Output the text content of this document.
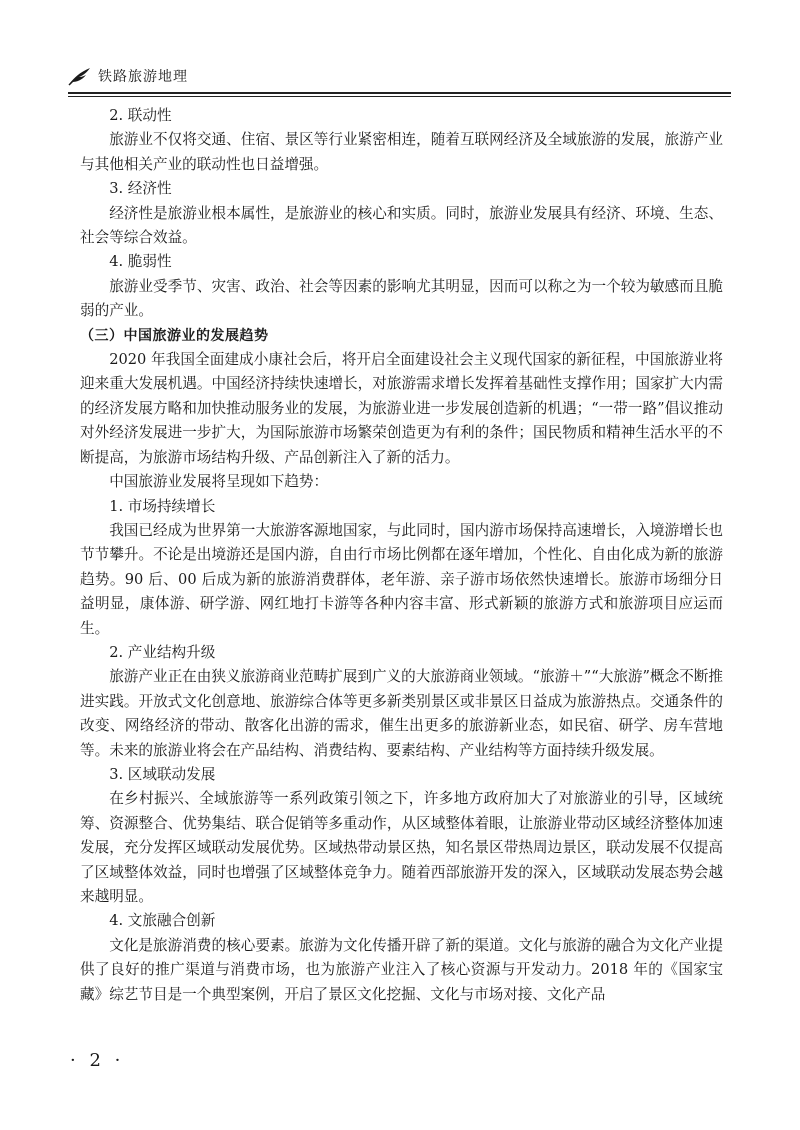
铁路旅游地理

2. 联动性

旅游业不仅将交通、住宿、景区等行业紧密相连，随着互联网经济及全域旅游的发展，旅游产业与其他相关产业的联动性也日益增强。

3. 经济性

经济性是旅游业根本属性，是旅游业的核心和实质。同时，旅游业发展具有经济、环境、生态、社会等综合效益。

4. 脆弱性

旅游业受季节、灾害、政治、社会等因素的影响尤其明显，因而可以称之为一个较为敏感而且脆弱的产业。

（三）中国旅游业的发展趋势

2020 年我国全面建成小康社会后，将开启全面建设社会主义现代国家的新征程，中国旅游业将迎来重大发展机遇。中国经济持续快速增长，对旅游需求增长发挥着基础性支撑作用；国家扩大内需的经济发展方略和加快推动服务业的发展，为旅游业进一步发展创造新的机遇；“一带一路”倡议推动对外经济发展进一步扩大，为国际旅游市场繁荣创造更为有利的条件；国民物质和精神生活水平的不断提高，为旅游市场结构升级、产品创新注入了新的活力。

中国旅游业发展将呈现如下趋势：

1. 市场持续增长

我国已经成为世界第一大旅游客源地国家，与此同时，国内游市场保持高速增长，入境游增长也节节攀升。不论是出境游还是国内游，自由行市场比例都在逐年增加，个性化、自由化成为新的旅游趋势。90 后、00 后成为新的旅游消费群体，老年游、亲子游市场依然快速增长。旅游市场细分日益明显，康体游、研学游、网红地打卡游等各种内容丰富、形式新颖的旅游方式和旅游项目应运而生。

2. 产业结构升级

旅游产业正在由狭义旅游商业范畴扩展到广义的大旅游商业领域。“旅游＋”“大旅游”概念不断推进实践。开放式文化创意地、旅游综合体等更多新类别景区或非景区日益成为旅游热点。交通条件的改变、网络经济的带动、散客化出游的需求，催生出更多的旅游新业态，如民宿、研学、房车营地等。未来的旅游业将会在产品结构、消费结构、要素结构、产业结构等方面持续升级发展。

3. 区域联动发展

在乡村振兴、全域旅游等一系列政策引领之下，许多地方政府加大了对旅游业的引导，区域统筹、资源整合、优势集结、联合促销等多重动作，从区域整体着眼，让旅游业带动区域经济整体加速发展，充分发挥区域联动发展优势。区域热带动景区热，知名景区带热周边景区，联动发展不仅提高了区域整体效益，同时也增强了区域整体竞争力。随着西部旅游开发的深入，区域联动发展态势会越来越明显。

4. 文旅融合创新

文化是旅游消费的核心要素。旅游为文化传播开辟了新的渠道。文化与旅游的融合为文化产业提供了良好的推广渠道与消费市场，也为旅游产业注入了核心资源与开发动力。2018 年的《国家宝藏》综艺节目是一个典型案例，开启了景区文化挖掘、文化与市场对接、文化产品

· 2 ·
